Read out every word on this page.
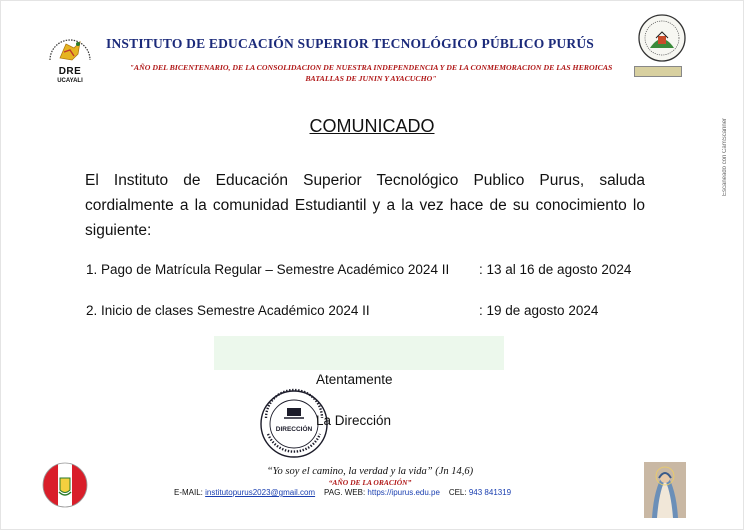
DRE
UCAYALI
INSTITUTO DE EDUCACIÓN SUPERIOR TECNOLÓGICO PÚBLICO PURÚS
"AÑO DEL BICENTENARIO, DE LA CONSOLIDACION DE NUESTRA INDEPENDENCIA Y DE LA CONMEMORACION DE LAS HEROICAS BATALLAS DE JUNIN Y AYACUCHO"
Escaneado con CamScanner
COMUNICADO
El Instituto de Educación Superior Tecnológico Publico Purus, saluda cordialmente a la comunidad Estudiantil y a la vez hace de su conocimiento lo siguiente:
1. Pago de Matrícula Regular – Semestre Académico 2024 II : 13 al 16 de agosto 2024
2. Inicio de clases Semestre Académico 2024 II	: 19 de agosto 2024
Atentamente
DIRECCIÓN
La Dirección
“Yo soy el camino, la verdad y la vida” (Jn 14,6)
“AÑO DE LA ORACIÓN”
E-MAIL: institutopurus2023@gmail.com PAG. WEB: https://ipurus.edu.pe CEL: 943 841319
